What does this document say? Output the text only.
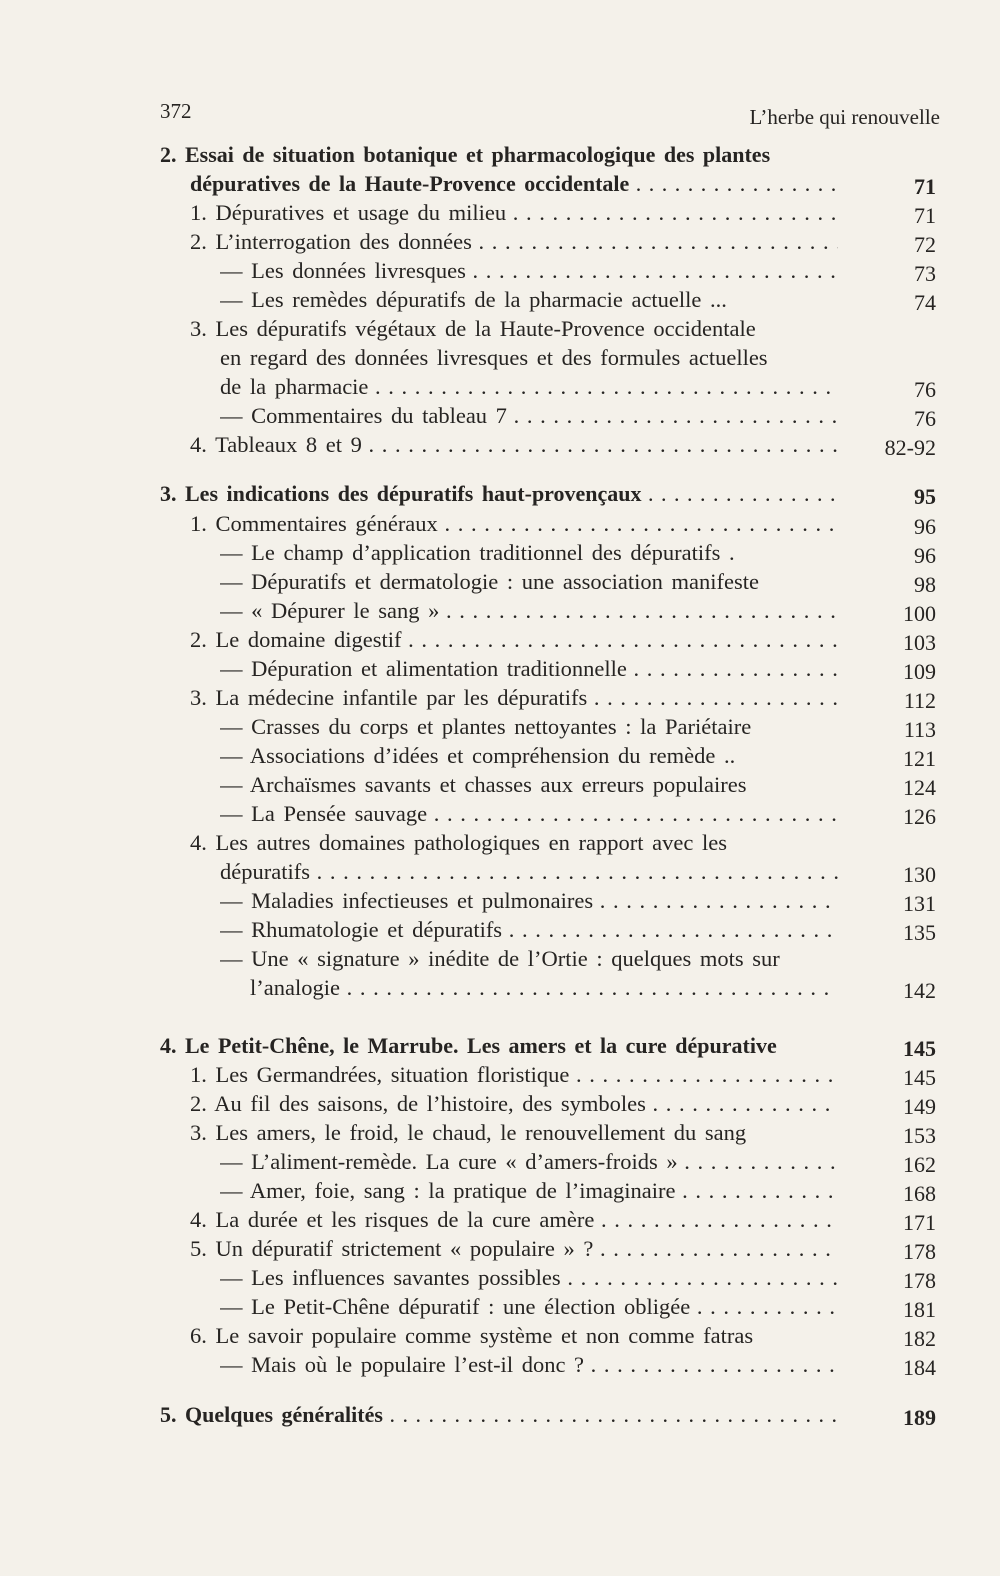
372	L’herbe qui renouvelle
2. Essai de situation botanique et pharmacologique des plantes
dépuratives de la Haute-Provence occidentale . . .	71
1. Dépuratives et usage du milieu . . .	71
2. L’interrogation des données . . .	72
— Les données livresques . . .	73
— Les remèdes dépuratifs de la pharmacie actuelle ...	74
3. Les dépuratifs végétaux de la Haute-Provence occidentale
en regard des données livresques et des formules actuelles
de la pharmacie . . .	76
— Commentaires du tableau 7 . . .	76
4. Tableaux 8 et 9 . . .	82-92
3. Les indications des dépuratifs haut-provençaux . . .	95
1. Commentaires généraux . . .	96
— Le champ d’application traditionnel des dépuratifs .	96
— Dépuratifs et dermatologie : une association manifeste	98
— « Dépurer le sang » . . .	100
2. Le domaine digestif . . .	103
— Dépuration et alimentation traditionnelle . . .	109
3. La médecine infantile par les dépuratifs . . .	112
— Crasses du corps et plantes nettoyantes : la Pariétaire	113
— Associations d’idées et compréhension du remède ..	121
— Archaïsmes savants et chasses aux erreurs populaires	124
— La Pensée sauvage . . .	126
4. Les autres domaines pathologiques en rapport avec les
dépuratifs . . .	130
— Maladies infectieuses et pulmonaires . . .	131
— Rhumatologie et dépuratifs . . .	135
— Une « signature » inédite de l’Ortie : quelques mots sur
l’analogie . . .	142
4. Le Petit-Chêne, le Marrube. Les amers et la cure dépurative	145
1. Les Germandrées, situation floristique . . .	145
2. Au fil des saisons, de l’histoire, des symboles . . .	149
3. Les amers, le froid, le chaud, le renouvellement du sang	153
— L’aliment-remède. La cure « d’amers-froids » . . .	162
— Amer, foie, sang : la pratique de l’imaginaire . . .	168
4. La durée et les risques de la cure amère . . .	171
5. Un dépuratif strictement « populaire » ? . . .	178
— Les influences savantes possibles . . .	178
— Le Petit-Chêne dépuratif : une élection obligée . . .	181
6. Le savoir populaire comme système et non comme fatras	182
— Mais où le populaire l’est-il donc ? . . .	184
5. Quelques généralités . . .	189
